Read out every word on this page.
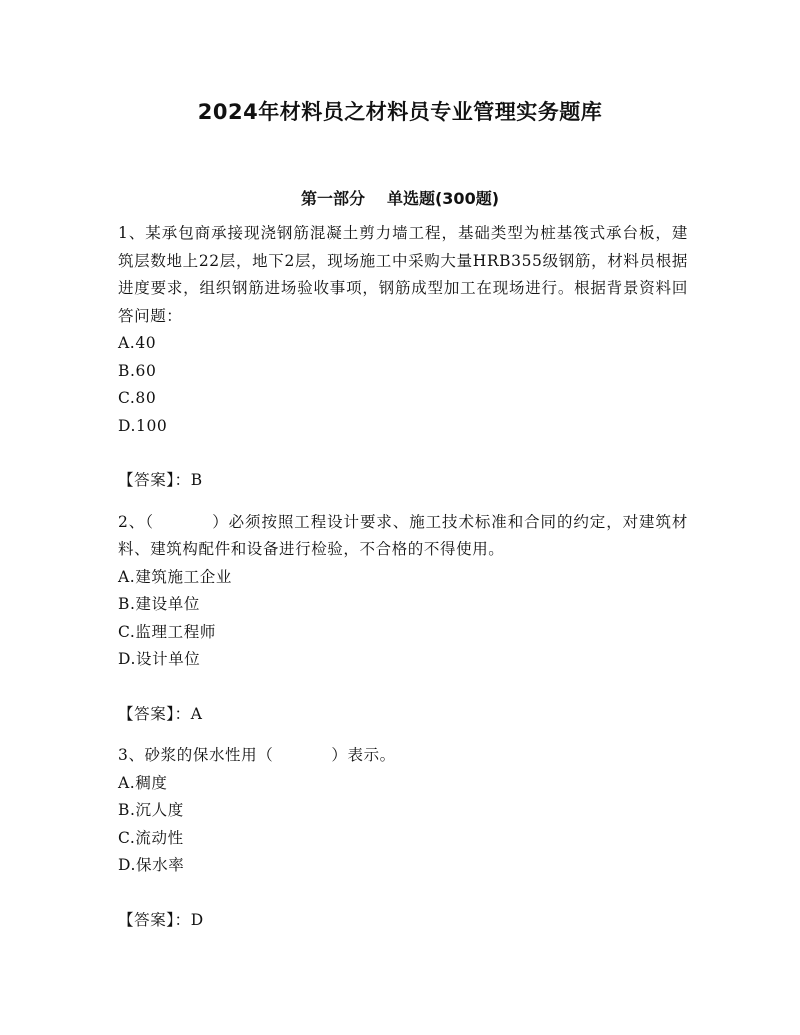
2024年材料员之材料员专业管理实务题库
第一部分 单选题(300题)

1、某承包商承接现浇钢筋混凝土剪力墙工程，基础类型为桩基筏式承台板，建筑层数地上22层，地下2层，现场施工中采购大量HRB355级钢筋，材料员根据进度要求，组织钢筋进场验收事项，钢筋成型加工在现场进行。根据背景资料回答问题：

A.40
B.60
C.80
D.100

【答案】：B

2、（	）必须按照工程设计要求、施工技术标准和合同的约定，对建筑材料、建筑构配件和设备进行检验，不合格的不得使用。

A.建筑施工企业
B.建设单位
C.监理工程师
D.设计单位

【答案】：A

3、砂浆的保水性用（	）表示。

A.稠度
B.沉人度
C.流动性
D.保水率

【答案】：D
